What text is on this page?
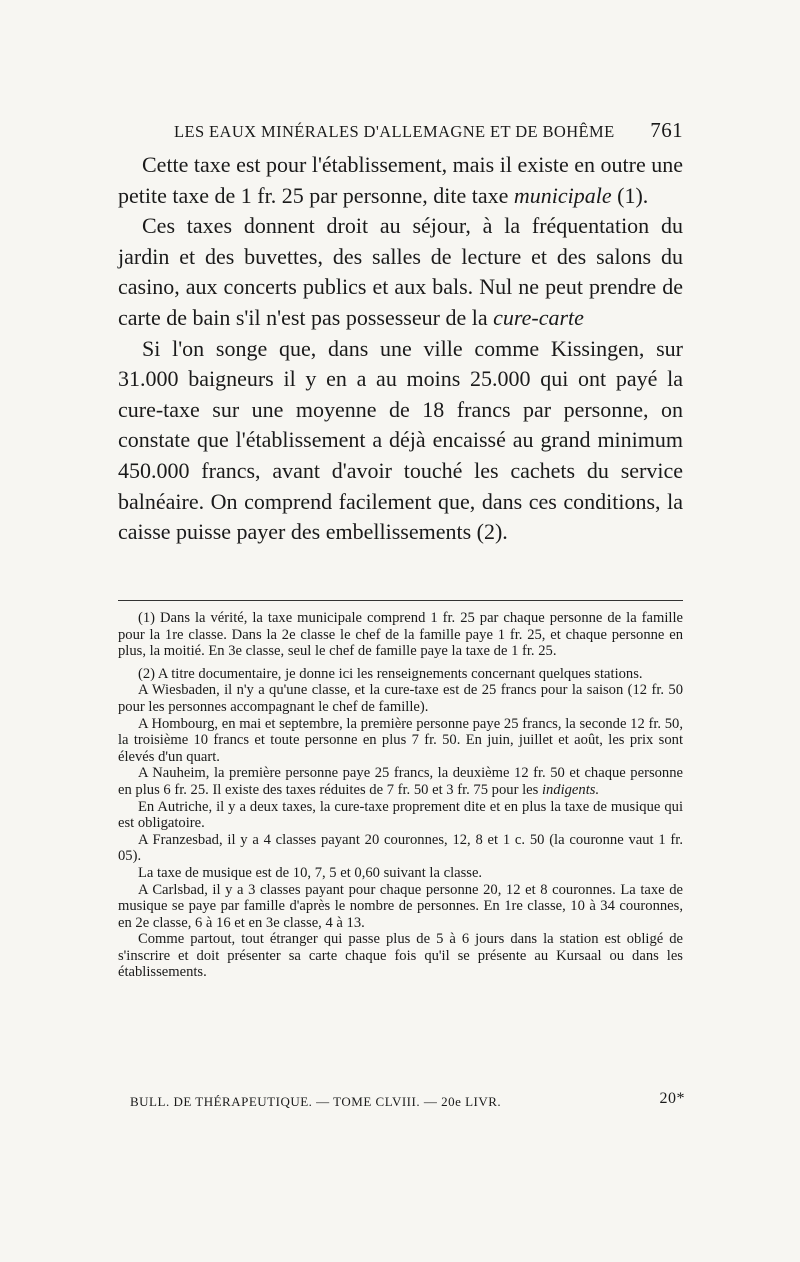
LES EAUX MINÉRALES D'ALLEMAGNE ET DE BOHÊME 761

Cette taxe est pour l'établissement, mais il existe en outre une petite taxe de 1 fr. 25 par personne, dite taxe municipale (1).

Ces taxes donnent droit au séjour, à la fréquentation du jardin et des buvettes, des salles de lecture et des salons du casino, aux concerts publics et aux bals. Nul ne peut prendre de carte de bain s'il n'est pas possesseur de la cure-carte

Si l'on songe que, dans une ville comme Kissingen, sur 31.000 baigneurs il y en a au moins 25.000 qui ont payé la cure-taxe sur une moyenne de 18 francs par personne, on constate que l'établissement a déjà encaissé au grand minimum 450.000 francs, avant d'avoir touché les cachets du service balnéaire. On comprend facilement que, dans ces conditions, la caisse puisse payer des embellissements (2).

(1) Dans la vérité, la taxe municipale comprend 1 fr. 25 par chaque personne de la famille pour la 1re classe. Dans la 2e classe le chef de la famille paye 1 fr. 25, et chaque personne en plus, la moitié. En 3e classe, seul le chef de famille paye la taxe de 1 fr. 25.

(2) A titre documentaire, je donne ici les renseignements concernant quelques stations.

A Wiesbaden, il n'y a qu'une classe, et la cure-taxe est de 25 francs pour la saison (12 fr. 50 pour les personnes accompagnant le chef de famille).

A Hombourg, en mai et septembre, la première personne paye 25 francs, la seconde 12 fr. 50, la troisième 10 francs et toute personne en plus 7 fr. 50. En juin, juillet et août, les prix sont élevés d'un quart.

A Nauheim, la première personne paye 25 francs, la deuxième 12 fr. 50 et chaque personne en plus 6 fr. 25. Il existe des taxes réduites de 7 fr. 50 et 3 fr. 75 pour les indigents.

En Autriche, il y a deux taxes, la cure-taxe proprement dite et en plus la taxe de musique qui est obligatoire.

A Franzesbad, il y a 4 classes payant 20 couronnes, 12, 8 et 1 c. 50 (la couronne vaut 1 fr. 05).

La taxe de musique est de 10, 7, 5 et 0,60 suivant la classe.

A Carlsbad, il y a 3 classes payant pour chaque personne 20, 12 et 8 couronnes. La taxe de musique se paye par famille d'après le nombre de personnes. En 1re classe, 10 à 34 couronnes, en 2e classe, 6 à 16 et en 3e classe, 4 à 13.

Comme partout, tout étranger qui passe plus de 5 à 6 jours dans la station est obligé de s'inscrire et doit présenter sa carte chaque fois qu'il se présente au Kursaal ou dans les établissements.

BULL. DE THÉRAPEUTIQUE. — TOME CLVIII. — 20e LIVR.	20*
